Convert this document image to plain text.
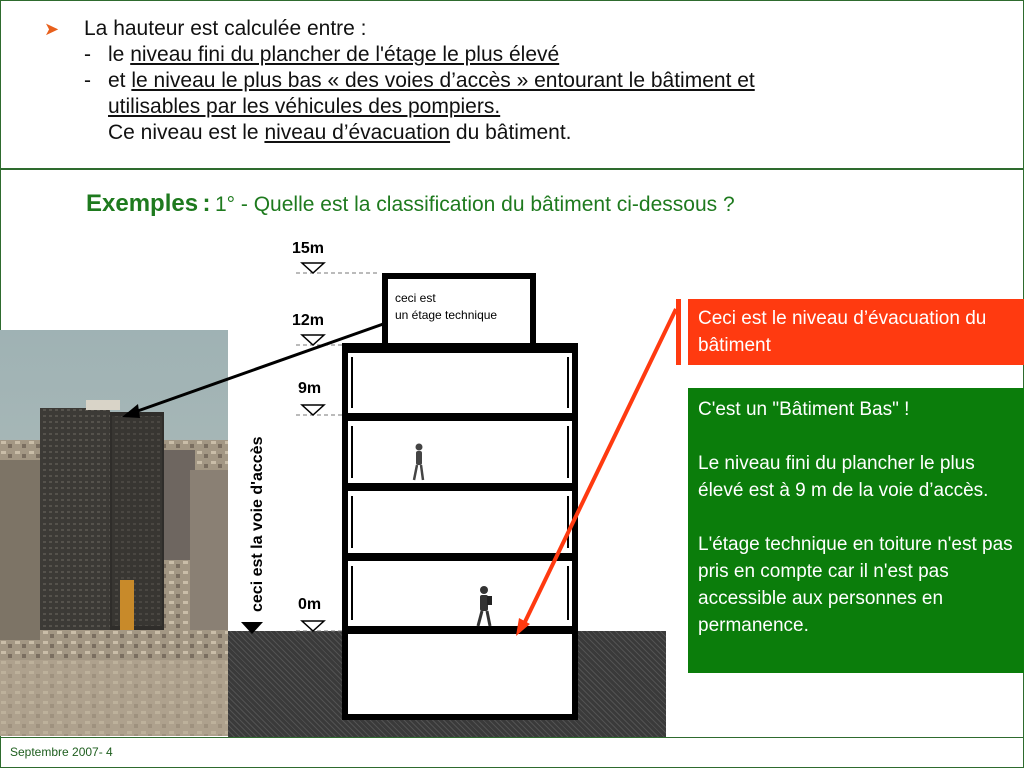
➤ La hauteur est calculée entre :
- le niveau fini du plancher de l'étage le plus élevé
- et le niveau le plus bas « des voies d’accès » entourant le bâtiment et
utilisables par les véhicules des pompiers.
Ce niveau est le niveau d’évacuation du bâtiment.
Exemples : 1° - Quelle est la classification du bâtiment ci-dessous ?
15m
12m
9m
0m
ceci est
un étage technique
ceci est la voie d'accès
Ceci est le niveau d’évacuation du bâtiment

C'est un "Bâtiment Bas" !

Le niveau fini du plancher le plus élevé est à 9 m de la voie d’accès.

L'étage technique en toiture n'est pas pris en compte car il n'est pas accessible aux personnes en permanence.

Septembre 2007- 4
